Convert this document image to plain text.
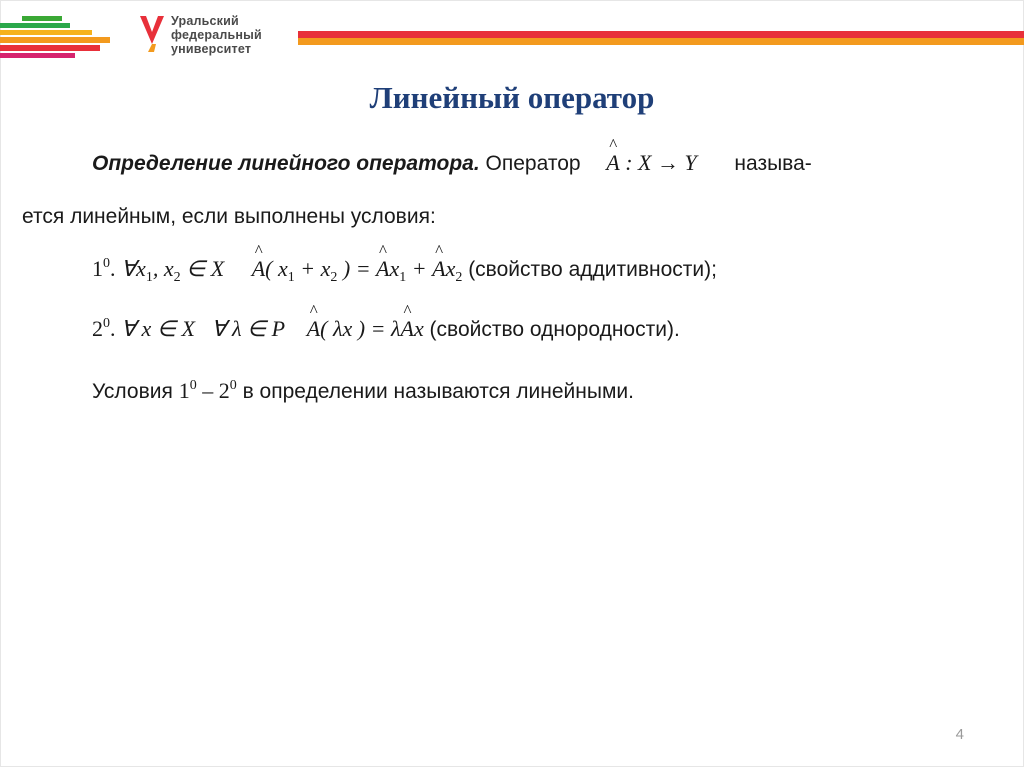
Уральский
федеральный
университет
Линейный оператор
Определение линейного оператора. Оператор  ^ A : X → Y называ-
ется линейным, если выполнены условия:
$1^0$. $\forall x_1$, $x_2$ ∈ X     ^ A( $x_1 + x_2$ ) = ^ $Ax_1$ + ^ $Ax_2$ (свойство аддитивности);
$2^0$. ∀ x ∈ X   ∀ λ ∈ P    ^ A( λx ) = λ^ Ax (свойство однородности).
Условия $1^0 - 2^0$ в определении называются линейными.
4
